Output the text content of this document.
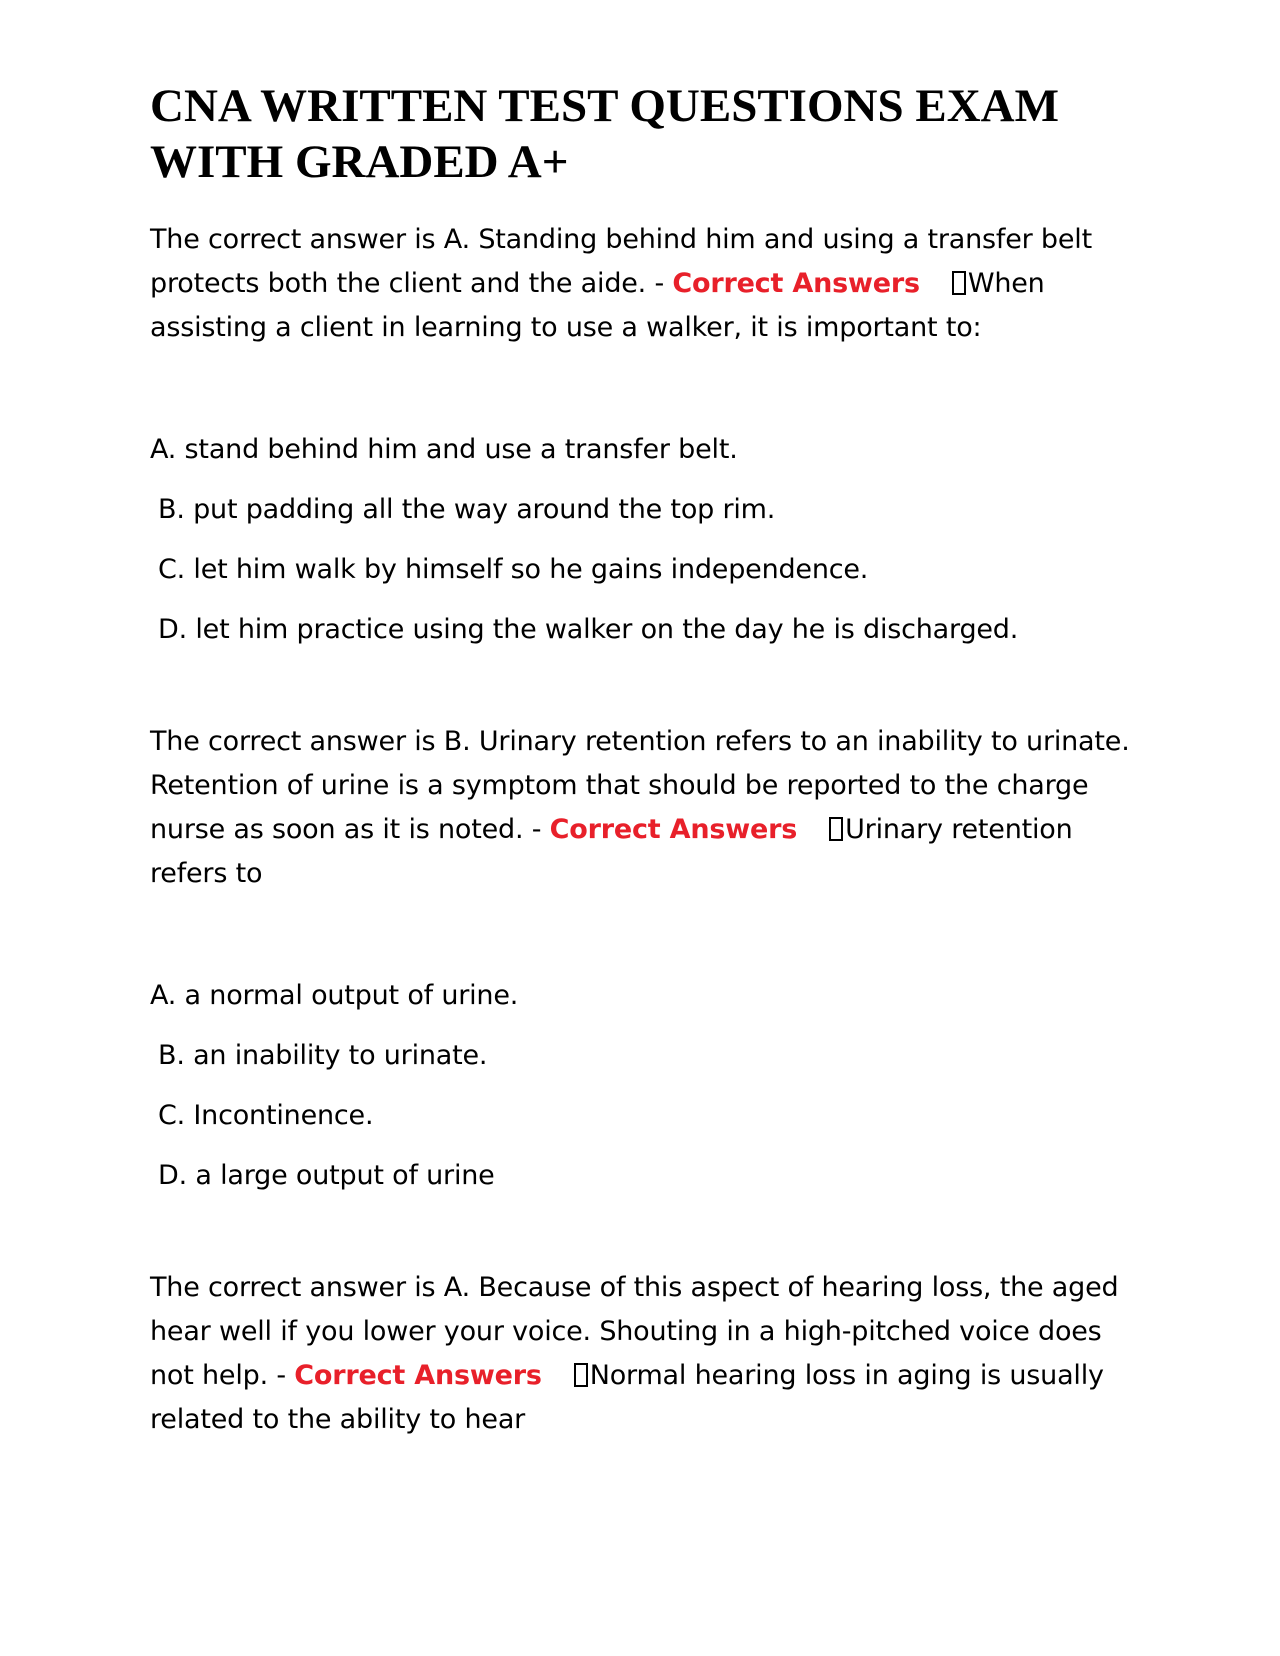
CNA WRITTEN TEST QUESTIONS EXAM WITH GRADED A+

The correct answer is A. Standing behind him and using a transfer belt protects both the client and the aide. - Correct Answers When assisting a client in learning to use a walker, it is important to:

A. stand behind him and use a transfer belt.
B. put padding all the way around the top rim.
C. let him walk by himself so he gains independence.
D. let him practice using the walker on the day he is discharged.

The correct answer is B. Urinary retention refers to an inability to urinate. Retention of urine is a symptom that should be reported to the charge nurse as soon as it is noted. - Correct Answers Urinary retention refers to

A. a normal output of urine.
B. an inability to urinate.
C. Incontinence.
D. a large output of urine

The correct answer is A. Because of this aspect of hearing loss, the aged hear well if you lower your voice. Shouting in a high-pitched voice does not help. - Correct Answers Normal hearing loss in aging is usually related to the ability to hear
